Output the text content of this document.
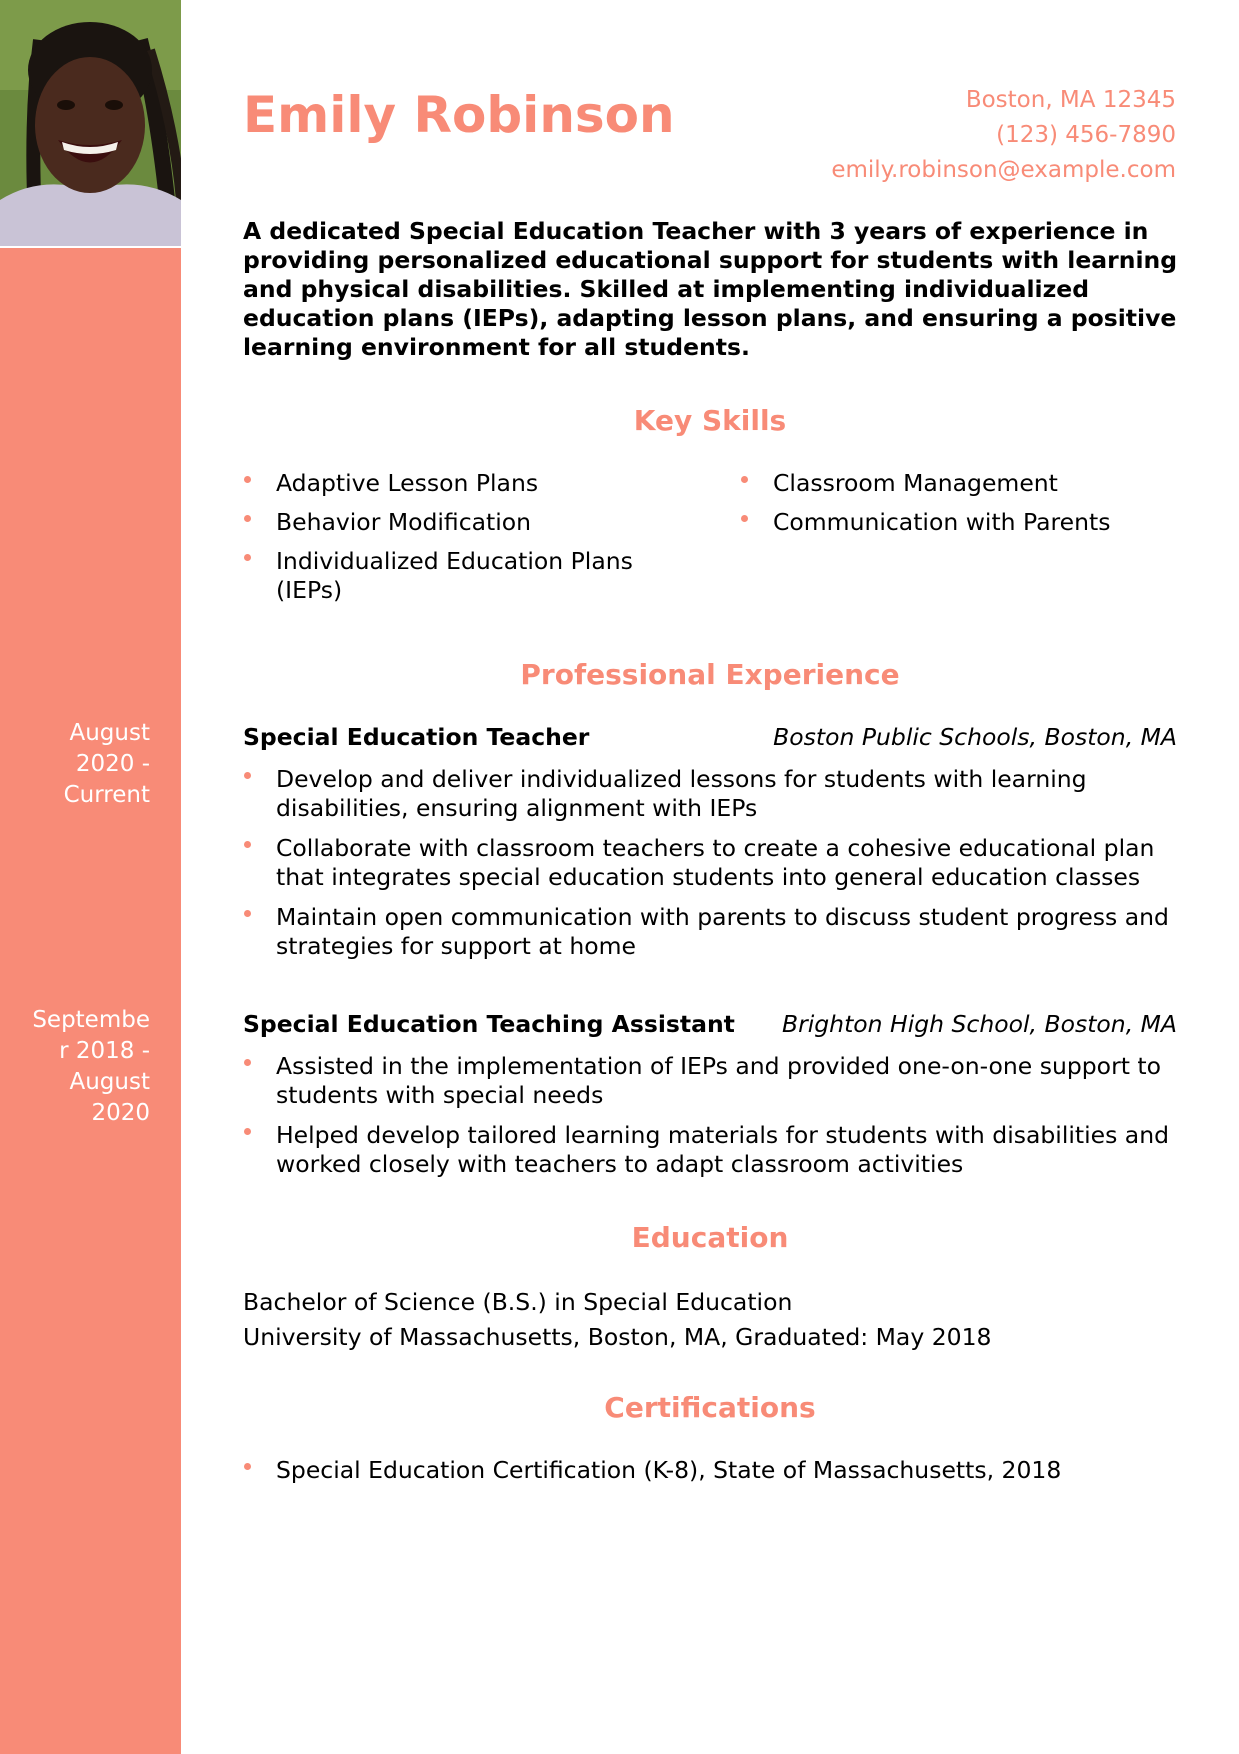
August
2020 -
Current
Septembe
r 2018 -
August
2020
Emily Robinson	Boston, MA 12345
(123) 456-7890
emily.robinson@example.com

A dedicated Special Education Teacher with 3 years of experience in providing personalized educational support for students with learning and physical disabilities. Skilled at implementing individualized education plans (IEPs), adapting lesson plans, and ensuring a positive learning environment for all students.

Key Skills
Adaptive Lesson Plans
Behavior Modification
Individualized Education Plans (IEPs)
Classroom Management
Communication with Parents
Professional Experience
Special Education Teacher	Boston Public Schools, Boston, MA
Develop and deliver individualized lessons for students with learning disabilities, ensuring alignment with IEPs
Collaborate with classroom teachers to create a cohesive educational plan that integrates special education students into general education classes
Maintain open communication with parents to discuss student progress and strategies for support at home
Special Education Teaching Assistant Brighton High School, Boston, MA
Assisted in the implementation of IEPs and provided one-on-one support to students with special needs
Helped develop tailored learning materials for students with disabilities and worked closely with teachers to adapt classroom activities
Education
Bachelor of Science (B.S.) in Special Education
University of Massachusetts, Boston, MA, Graduated: May 2018
Certifications
Special Education Certification (K-8), State of Massachusetts, 2018
